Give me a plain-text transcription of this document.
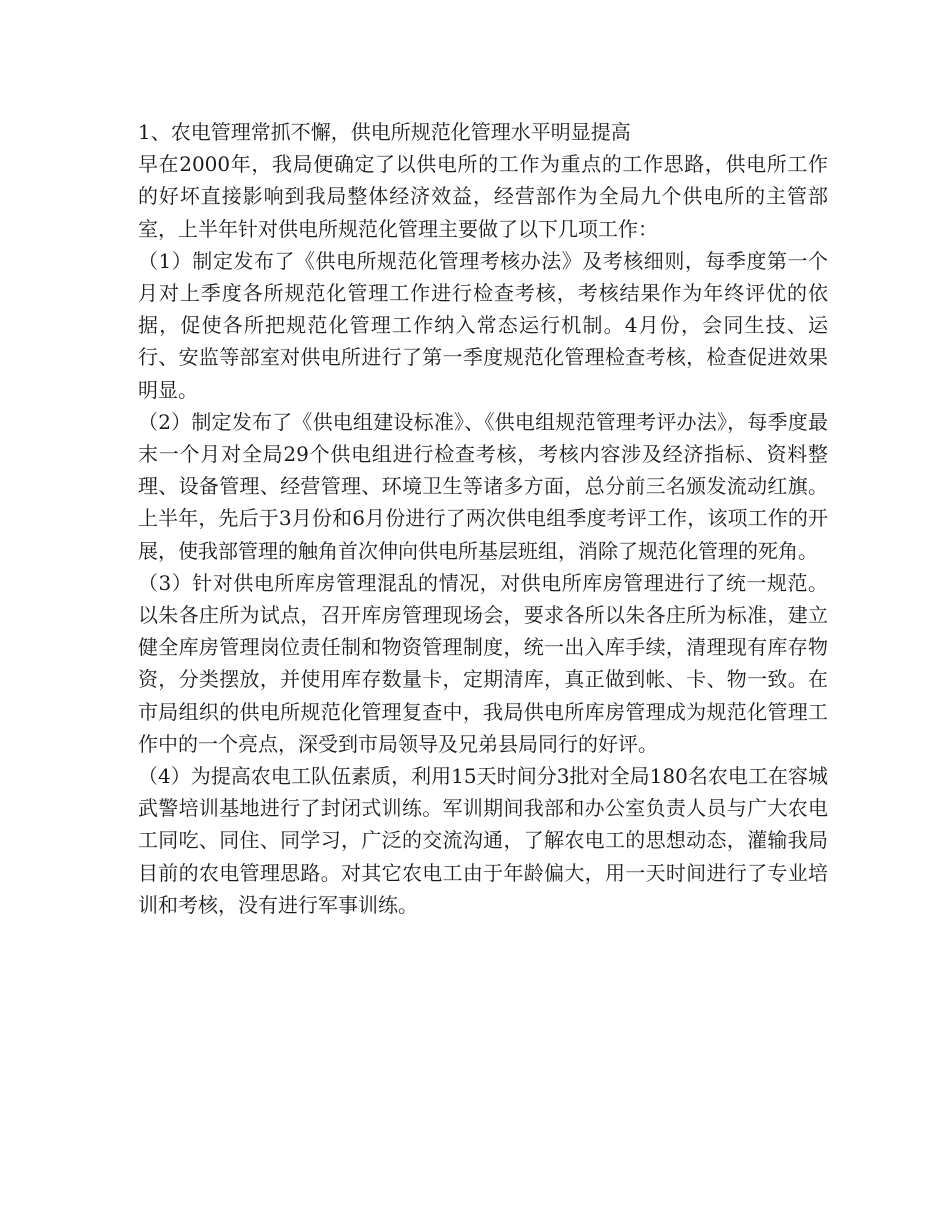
1、农电管理常抓不懈，供电所规范化管理水平明显提高

早在2000年，我局便确定了以供电所的工作为重点的工作思路，供电所工作的好坏直接影响到我局整体经济效益，经营部作为全局九个供电所的主管部室，上半年针对供电所规范化管理主要做了以下几项工作：

（1）制定发布了《供电所规范化管理考核办法》及考核细则，每季度第一个月对上季度各所规范化管理工作进行检查考核，考核结果作为年终评优的依据，促使各所把规范化管理工作纳入常态运行机制。4月份，会同生技、运行、安监等部室对供电所进行了第一季度规范化管理检查考核，检查促进效果明显。

（2）制定发布了《供电组建设标准》、《供电组规范管理考评办法》，每季度最末一个月对全局29个供电组进行检查考核，考核内容涉及经济指标、资料整理、设备管理、经营管理、环境卫生等诸多方面，总分前三名颁发流动红旗。上半年，先后于3月份和6月份进行了两次供电组季度考评工作，该项工作的开展，使我部管理的触角首次伸向供电所基层班组，消除了规范化管理的死角。

（3）针对供电所库房管理混乱的情况，对供电所库房管理进行了统一规范。以朱各庄所为试点，召开库房管理现场会，要求各所以朱各庄所为标准，建立健全库房管理岗位责任制和物资管理制度，统一出入库手续，清理现有库存物资，分类摆放，并使用库存数量卡，定期清库，真正做到帐、卡、物一致。在市局组织的供电所规范化管理复查中，我局供电所库房管理成为规范化管理工作中的一个亮点，深受到市局领导及兄弟县局同行的好评。

（4）为提高农电工队伍素质，利用15天时间分3批对全局180名农电工在容城武警培训基地进行了封闭式训练。军训期间我部和办公室负责人员与广大农电工同吃、同住、同学习，广泛的交流沟通，了解农电工的思想动态，灌输我局目前的农电管理思路。对其它农电工由于年龄偏大，用一天时间进行了专业培训和考核，没有进行军事训练。
